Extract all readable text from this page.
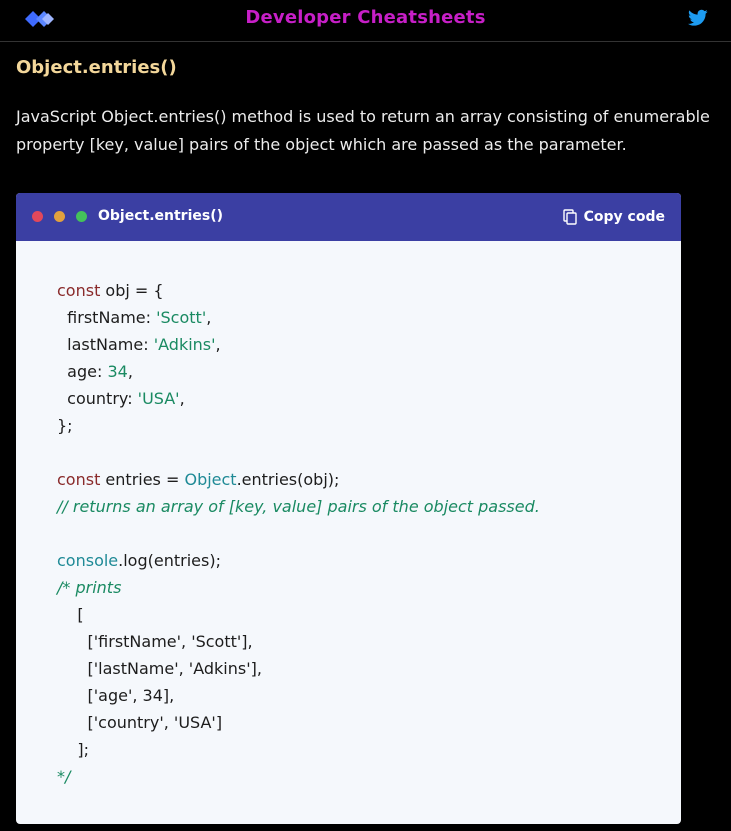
Developer Cheatsheets
Object.entries()
JavaScript Object.entries() method is used to return an array consisting of enumerable property [key, value] pairs of the object which are passed as the parameter.
Object.entries()	Copy code
const obj = {
firstName: 'Scott',
lastName: 'Adkins',
age: 34,
country: 'USA',
};
const entries = Object.entries(obj);
// returns an array of [key, value] pairs of the object passed.
console.log(entries);
/* prints
[
['firstName', 'Scott'],
['lastName', 'Adkins'],
['age', 34],
['country', 'USA']
];
*/
